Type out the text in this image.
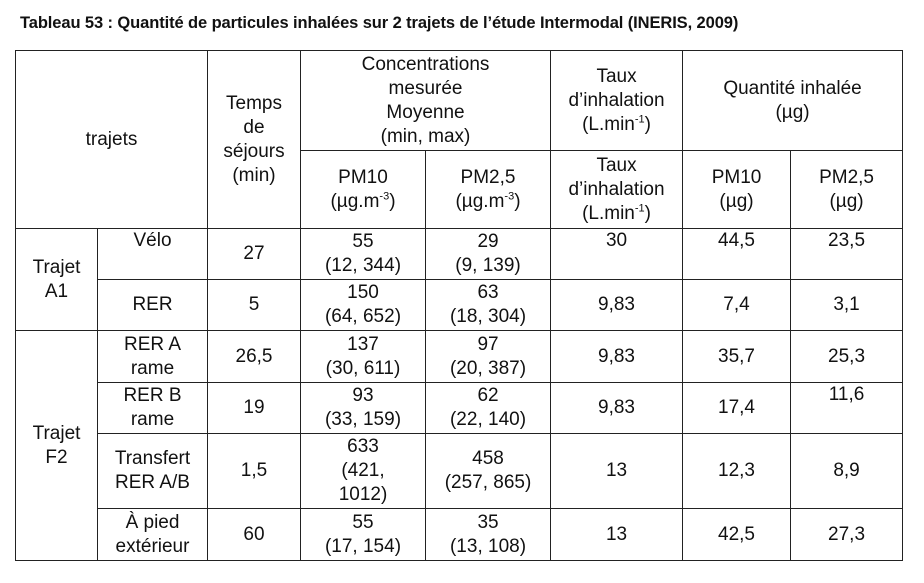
Tableau 53 : Quantité de particules inhalées sur 2 trajets de l’étude Intermodal (INERIS, 2009)
trajets		Temps
de
séjours
(min)	Concentrations
mesurée
Moyenne
(min, max)		Taux
d’inhalation
$(L.\min^{-1})$	Quantité inhalée
(µg)	

			PM10
$(\mu g.m^{-3})$	PM2,5
$(\mu g.m^{-3})$	Taux
d’inhalation
$(L.\min^{-1})$	PM10
(µg)	PM2,5
(µg)

Trajet
A1	Vélo	27	55
(12, 344)	29
(9, 139)	30	44,5	23,5

	RER	5	150
(64, 652)	63
(18, 304)	9,83	7,4	3,1

Trajet
F2	RER A
rame	26,5	137
(30, 611)	97
(20, 387)	9,83	35,7	25,3

	RER B
rame	19	93
(33, 159)	62
(22, 140)	9,83	17,4	11,6

	Transfert
RER A/B	1,5	633
(421,
1012)	458
(257, 865)	13	12,3	8,9

	À pied
extérieur	60	55
(17, 154)	35
(13, 108)	13	42,5	27,3
